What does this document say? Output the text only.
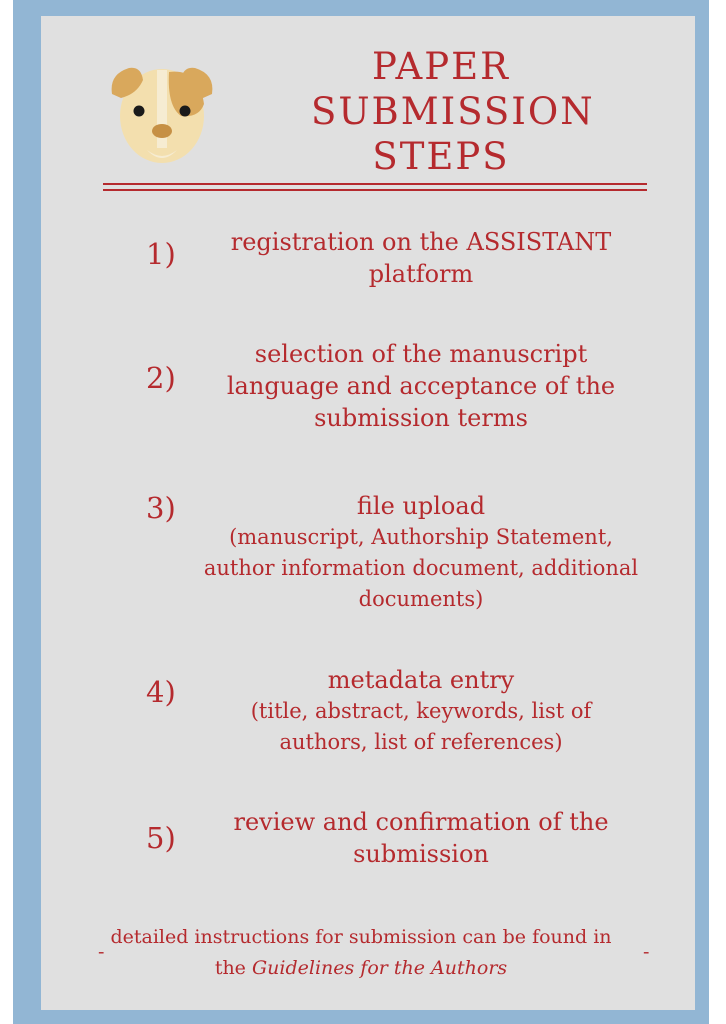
PAPER
SUBMISSION
STEPS
1)	registration on the ASSISTANT platform
2)
selection of the manuscript language and acceptance of the submission terms
3)	file upload
(manuscript, Authorship Statement, author information document, additional documents)
4)	metadata entry
(title, abstract, keywords, list of authors, list of references)
5)	review and confirmation of the submission
-
detailed instructions for submission can be found in the Guidelines for the Authors
-
